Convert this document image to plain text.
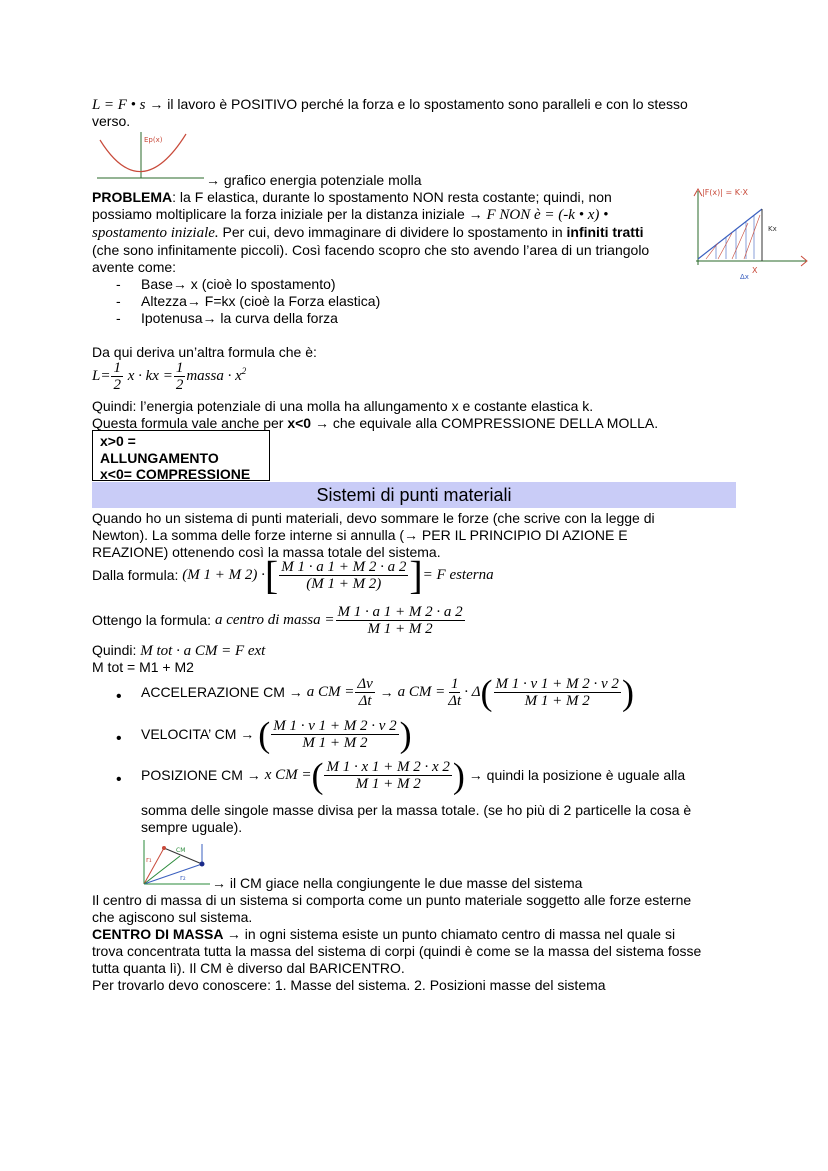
L = F • s → il lavoro è POSITIVO perché la forza e lo spostamento sono paralleli e con lo stesso
verso.
Ep(x)
→ grafico energia potenziale molla
PROBLEMA: la F elastica, durante lo spostamento NON resta costante; quindi, non
possiamo moltiplicare la forza iniziale per la distanza iniziale → F NON è = (-k • x) •
spostamento iniziale. Per cui, devo immaginare di dividere lo spostamento in infiniti tratti
(che sono infinitamente piccoli). Così facendo scopro che sto avendo l’area di un triangolo
avente come:
|F(x)| = K·X
Kx
X
Δx
- Base→ x (cioè lo spostamento)
- Altezza→ F=kx (cioè la Forza elastica)
- Ipotenusa→ la curva della forza
Da qui deriva un’altra formula che è:
$L= \frac{1}{2}$ x · kx = $\frac{1}{2}$ massa · $x^2$
Quindi: l’energia potenziale di una molla ha allungamento x e costante elastica k.
Questa formula vale anche per x<0 → che equivale alla COMPRESSIONE DELLA MOLLA.
x>0 =
ALLUNGAMENTO
x<0= COMPRESSIONE
Sistemi di punti materiali
Quando ho un sistema di punti materiali, devo sommare le forze (che scrive con la legge di
Newton). La somma delle forze interne si annulla (→ PER IL PRINCIPIO DI AZIONE E
REAZIONE) ottenendo così la massa totale del sistema.
Dalla formula: (M 1 + M 2) ·[ $\frac{M 1 \cdot a 1 + M 2 \cdot a 2}{(M 1 + M 2)}$ ]= F esterna
Ottengo la formula: a centro di massa = $\frac{M 1 \cdot a 1 + M 2 \cdot a 2}{M 1 + M 2}$
Quindi: M tot · a CM = F ext
M tot = M1 + M2
• ACCELERAZIONE CM → a CM = $\frac{\Delta v}{\Delta t} \to a$ CM = $\frac{1}{\Delta t} \cdot \Delta( \frac{M 1 \cdot v 1 + M 2 \cdot v 2}{M 1 + M 2}$ )
• VELOCITA’ CM → ( $\frac{M 1 \cdot v 1 + M 2 \cdot v 2}{M 1 + M 2}$ )
• POSIZIONE CM → x CM =( $\frac{M 1 \cdot x 1 + M 2 \cdot x 2}{M 1 + M 2}$ ) → quindi la posizione è uguale alla
somma delle singole masse divisa per la massa totale. (se ho più di 2 particelle la cosa è
sempre uguale).
r₁
r₂
CM
→ il CM giace nella congiungente le due masse del sistema
Il centro di massa di un sistema si comporta come un punto materiale soggetto alle forze esterne
che agiscono sul sistema.
CENTRO DI MASSA → in ogni sistema esiste un punto chiamato centro di massa nel quale si
trova concentrata tutta la massa del sistema di corpi (quindi è come se la massa del sistema fosse
tutta quanta lì). Il CM è diverso dal BARICENTRO.
Per trovarlo devo conoscere: 1. Masse del sistema. 2. Posizioni masse del sistema
